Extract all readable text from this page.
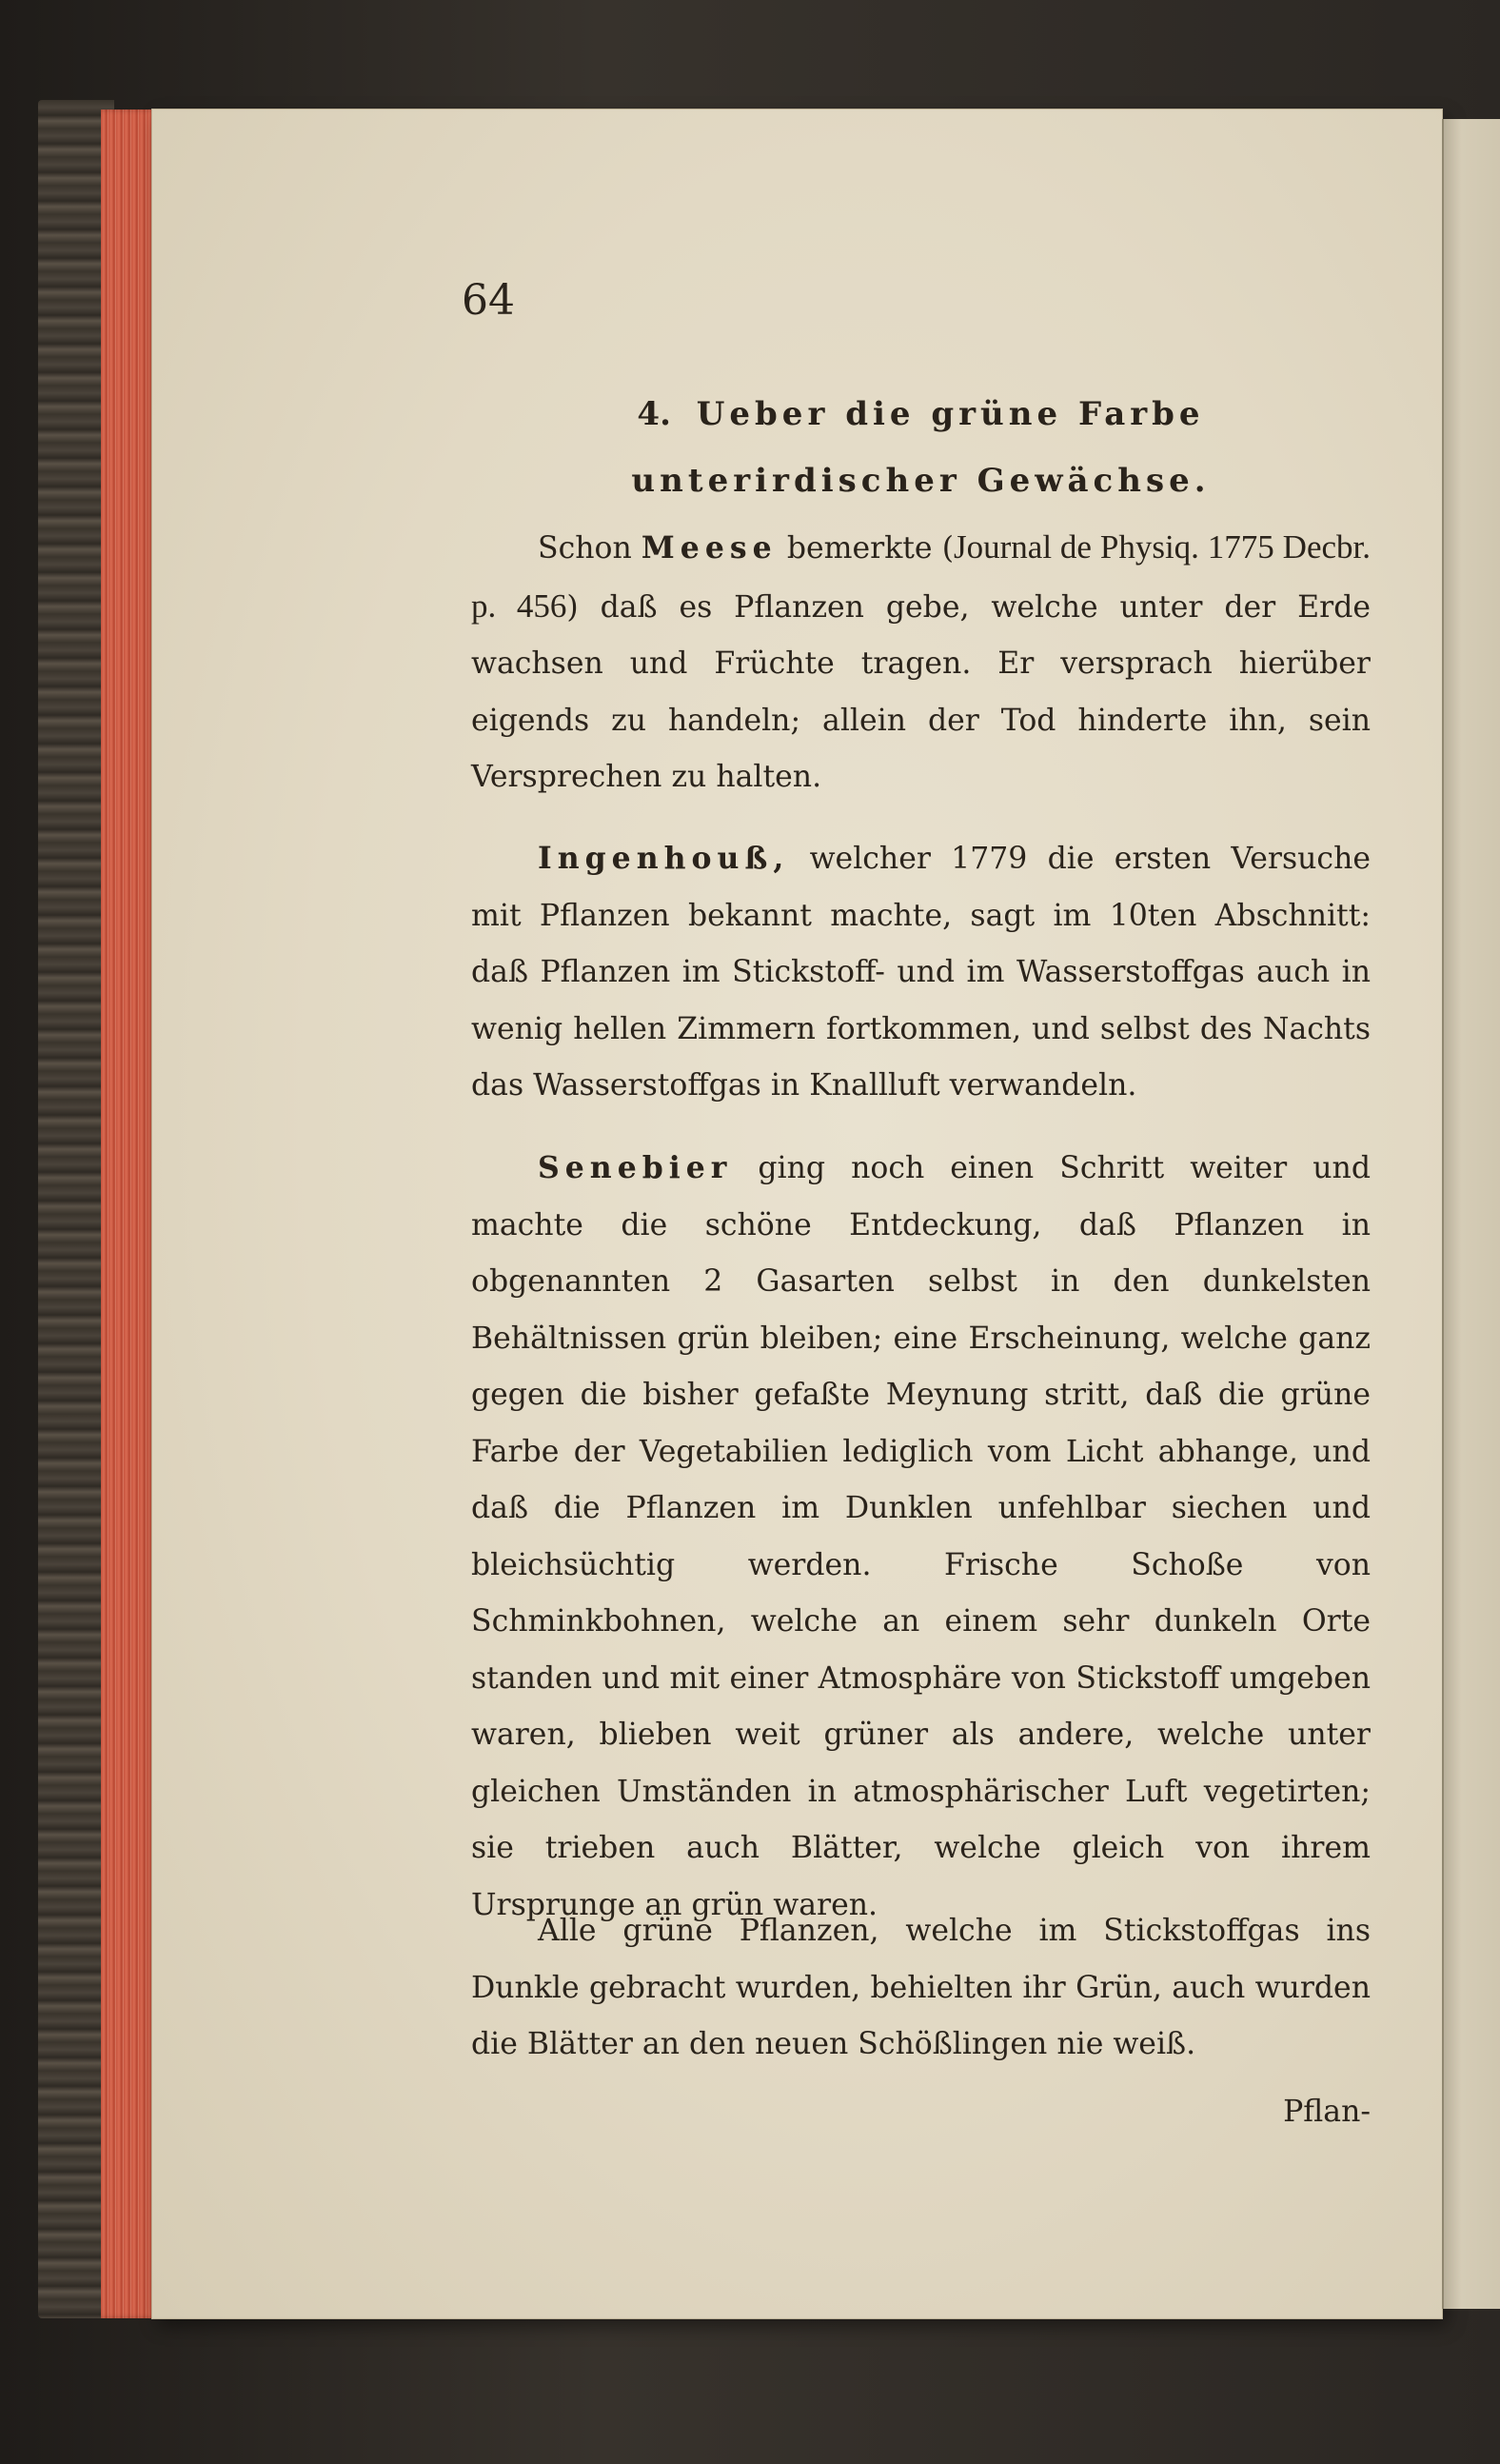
64
4. Ueber die grüne Farbe unterirdischer Gewächse.
Schon Meese bemerkte (Journal de Physiq. 1775 Decbr. p. 456) daß es Pflanzen gebe, welche unter der Erde wachsen und Früchte tragen. Er versprach hierüber eigends zu handeln; allein der Tod hinderte ihn, sein Versprechen zu halten.
Ingenhouß, welcher 1779 die ersten Versuche mit Pflanzen bekannt machte, sagt im 10ten Abschnitt: daß Pflanzen im Stickstoff- und im Wasserstoffgas auch in wenig hellen Zimmern fortkommen, und selbst des Nachts das Wasserstoffgas in Knallluft verwandeln.
Senebier ging noch einen Schritt weiter und machte die schöne Entdeckung, daß Pflanzen in obgenannten 2 Gasarten selbst in den dunkelsten Behältnissen grün bleiben; eine Erscheinung, welche ganz gegen die bisher gefaßte Meynung stritt, daß die grüne Farbe der Vegetabilien lediglich vom Licht abhange, und daß die Pflanzen im Dunklen unfehlbar siechen und bleichsüchtig werden. Frische Schoße von Schminkbohnen, welche an einem sehr dunkeln Orte standen und mit einer Atmosphäre von Stickstoff umgeben waren, blieben weit grüner als andere, welche unter gleichen Umständen in atmosphärischer Luft vegetirten; sie trieben auch Blätter, welche gleich von ihrem Ursprunge an grün waren.
Alle grüne Pflanzen, welche im Stickstoffgas ins Dunkle gebracht wurden, behielten ihr Grün, auch wurden die Blätter an den neuen Schößlingen nie weiß.
Pflan-
